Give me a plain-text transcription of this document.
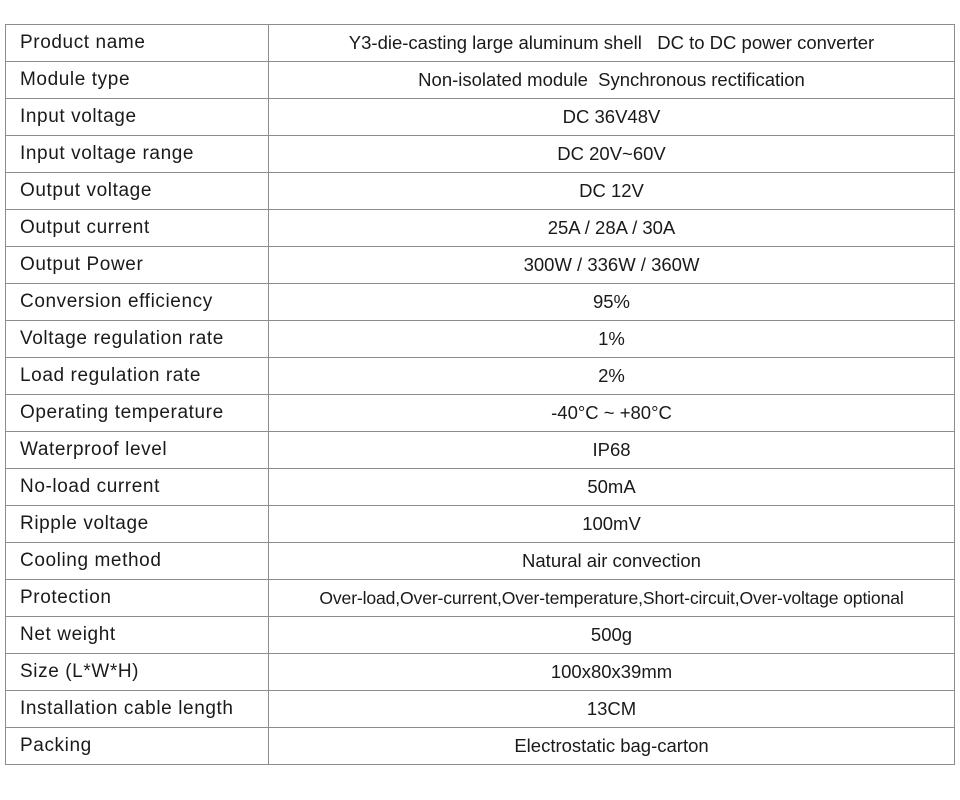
Product name	Y3-die-casting large aluminum shell   DC to DC power converter
Module type	Non-isolated module  Synchronous rectification
Input voltage	DC 36V48V
Input voltage range	DC 20V~60V
Output voltage	DC 12V
Output current	25A / 28A / 30A
Output Power	300W / 336W / 360W
Conversion efficiency	95%
Voltage regulation rate	1%
Load regulation rate	2%
Operating temperature	-40°C ~ +80°C
Waterproof level	IP68
No-load current	50mA
Ripple voltage	100mV
Cooling method	Natural air convection
Protection	Over-load,Over-current,Over-temperature,Short-circuit,Over-voltage optional
Net weight	500g
Size (L*W*H)	100x80x39mm
Installation cable length	13CM
Packing	Electrostatic bag-carton
